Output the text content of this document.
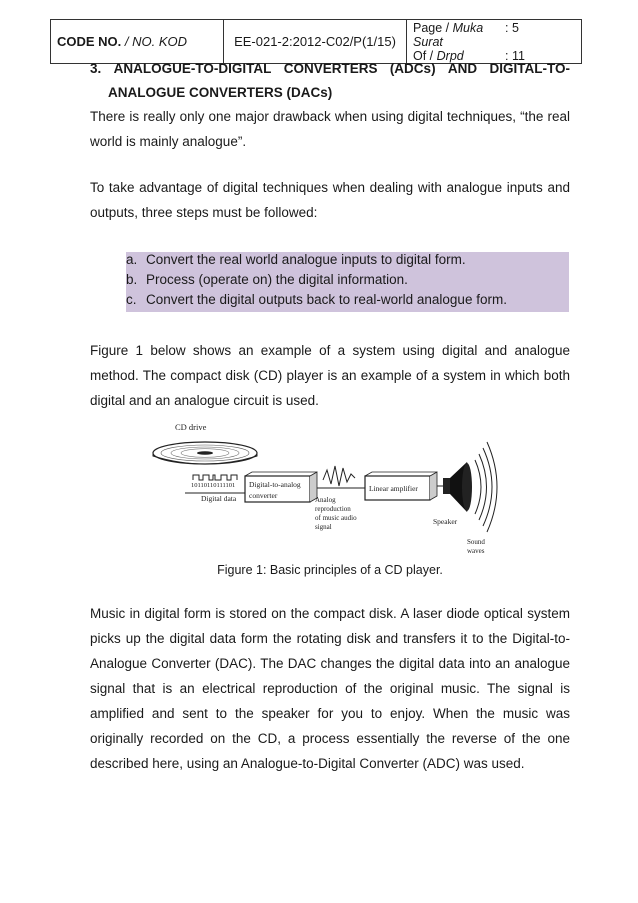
CODE NO. / NO. KOD	EE-021-2:2012-C02/P(1/15)	
Page / Muka Surat
: 5
Of / Drpd	: 11
3. ANALOGUE-TO-DIGITAL CONVERTERS (ADCs) AND DIGITAL-TO-
ANALOGUE CONVERTERS (DACs)

There is really only one major drawback when using digital techniques, “the real world is mainly analogue”.

To take advantage of digital techniques when dealing with analogue inputs and outputs, three steps must be followed:

a. Convert the real world analogue inputs to digital form.
b. Process (operate on) the digital information.
c. Convert the digital outputs back to real-world analogue form.

Figure 1 below shows an example of a system using digital and analogue method. The compact disk (CD) player is an example of a system in which both digital and an analogue circuit is used.

CD drive
10110110111101
Digital data
Digital-to-analog
converter	Analog
reproduction
of music audio
signal
Linear amplifier
Speaker
Sound
waves
Figure 1: Basic principles of a CD player.

Music in digital form is stored on the compact disk. A laser diode optical system picks up the digital data form the rotating disk and transfers it to the Digital-to-Analogue Converter (DAC). The DAC changes the digital data into an analogue signal that is an electrical reproduction of the original music. The signal is amplified and sent to the speaker for you to enjoy. When the music was originally recorded on the CD, a process essentially the reverse of the one described here, using an Analogue-to-Digital Converter (ADC) was used.
